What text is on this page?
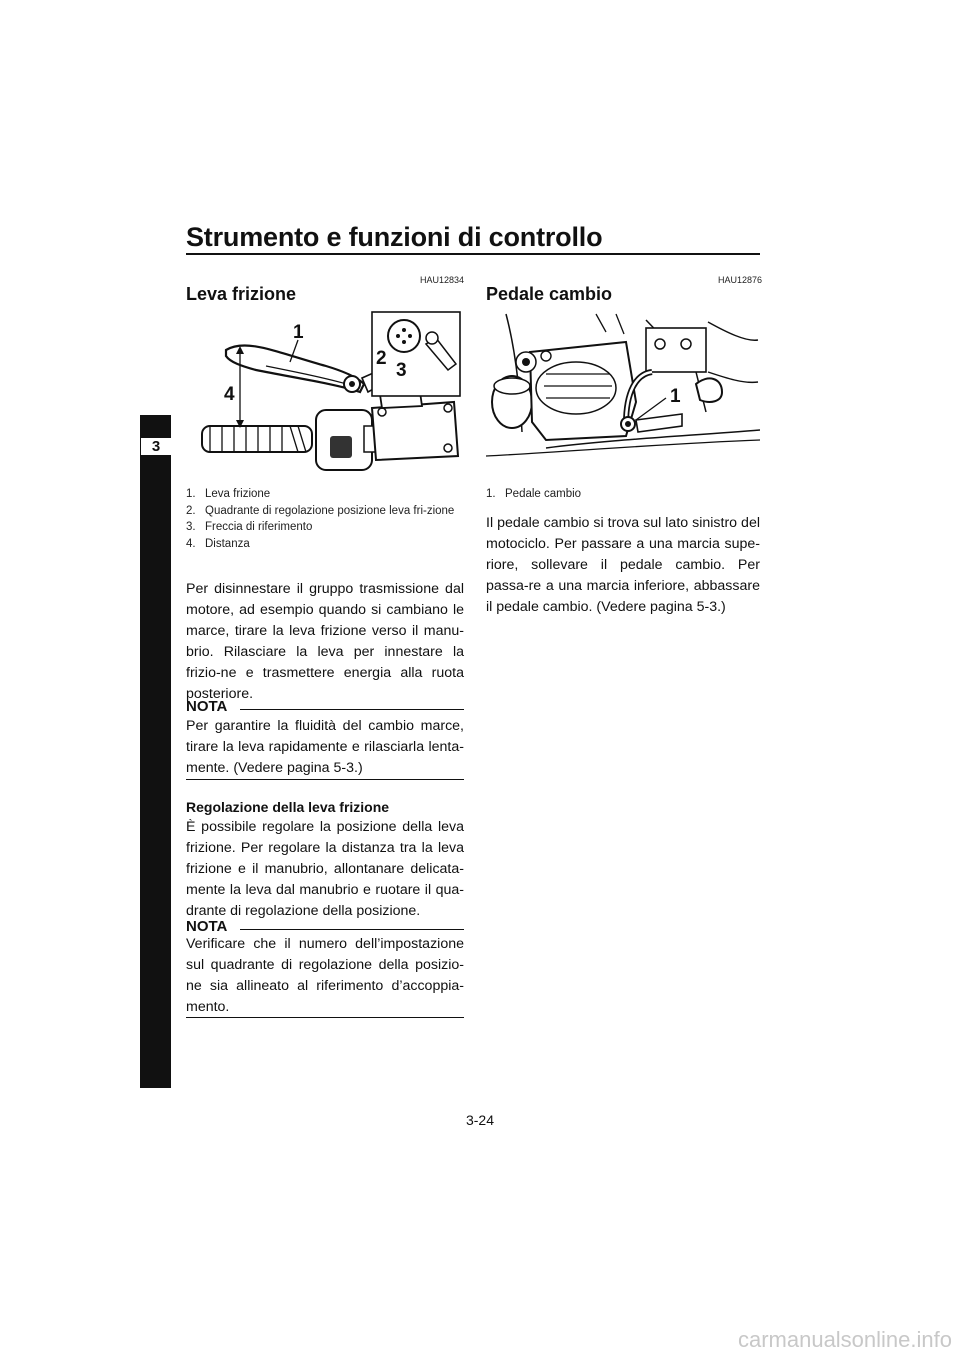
Strumento e funzioni di controllo
3
HAU12834
Leva frizione
1
2
3
4
1. Leva frizione
2. Quadrante di regolazione posizione leva fri-zione
3. Freccia di riferimento
4. Distanza
Per disinnestare il gruppo trasmissione dal motore, ad esempio quando si cambiano le marce, tirare la leva frizione verso il manu-brio. Rilasciare la leva per innestare la frizio-ne e trasmettere energia alla ruota posteriore.
NOTA
Per garantire la fluidità del cambio marce, tirare la leva rapidamente e rilasciarla lenta-mente. (Vedere pagina 5-3.)
Regolazione della leva frizione
È possibile regolare la posizione della leva frizione. Per regolare la distanza tra la leva frizione e il manubrio, allontanare delicata-mente la leva dal manubrio e ruotare il qua-drante di regolazione della posizione.
NOTA
Verificare che il numero dell’impostazione sul quadrante di regolazione della posizio-ne sia allineato al riferimento d’accoppia-mento.
HAU12876
Pedale cambio
1
1. Pedale cambio
Il pedale cambio si trova sul lato sinistro del motociclo. Per passare a una marcia supe-riore, sollevare il pedale cambio. Per passa-re a una marcia inferiore, abbassare il pedale cambio. (Vedere pagina 5-3.)
3-24
carmanualsonline.info
